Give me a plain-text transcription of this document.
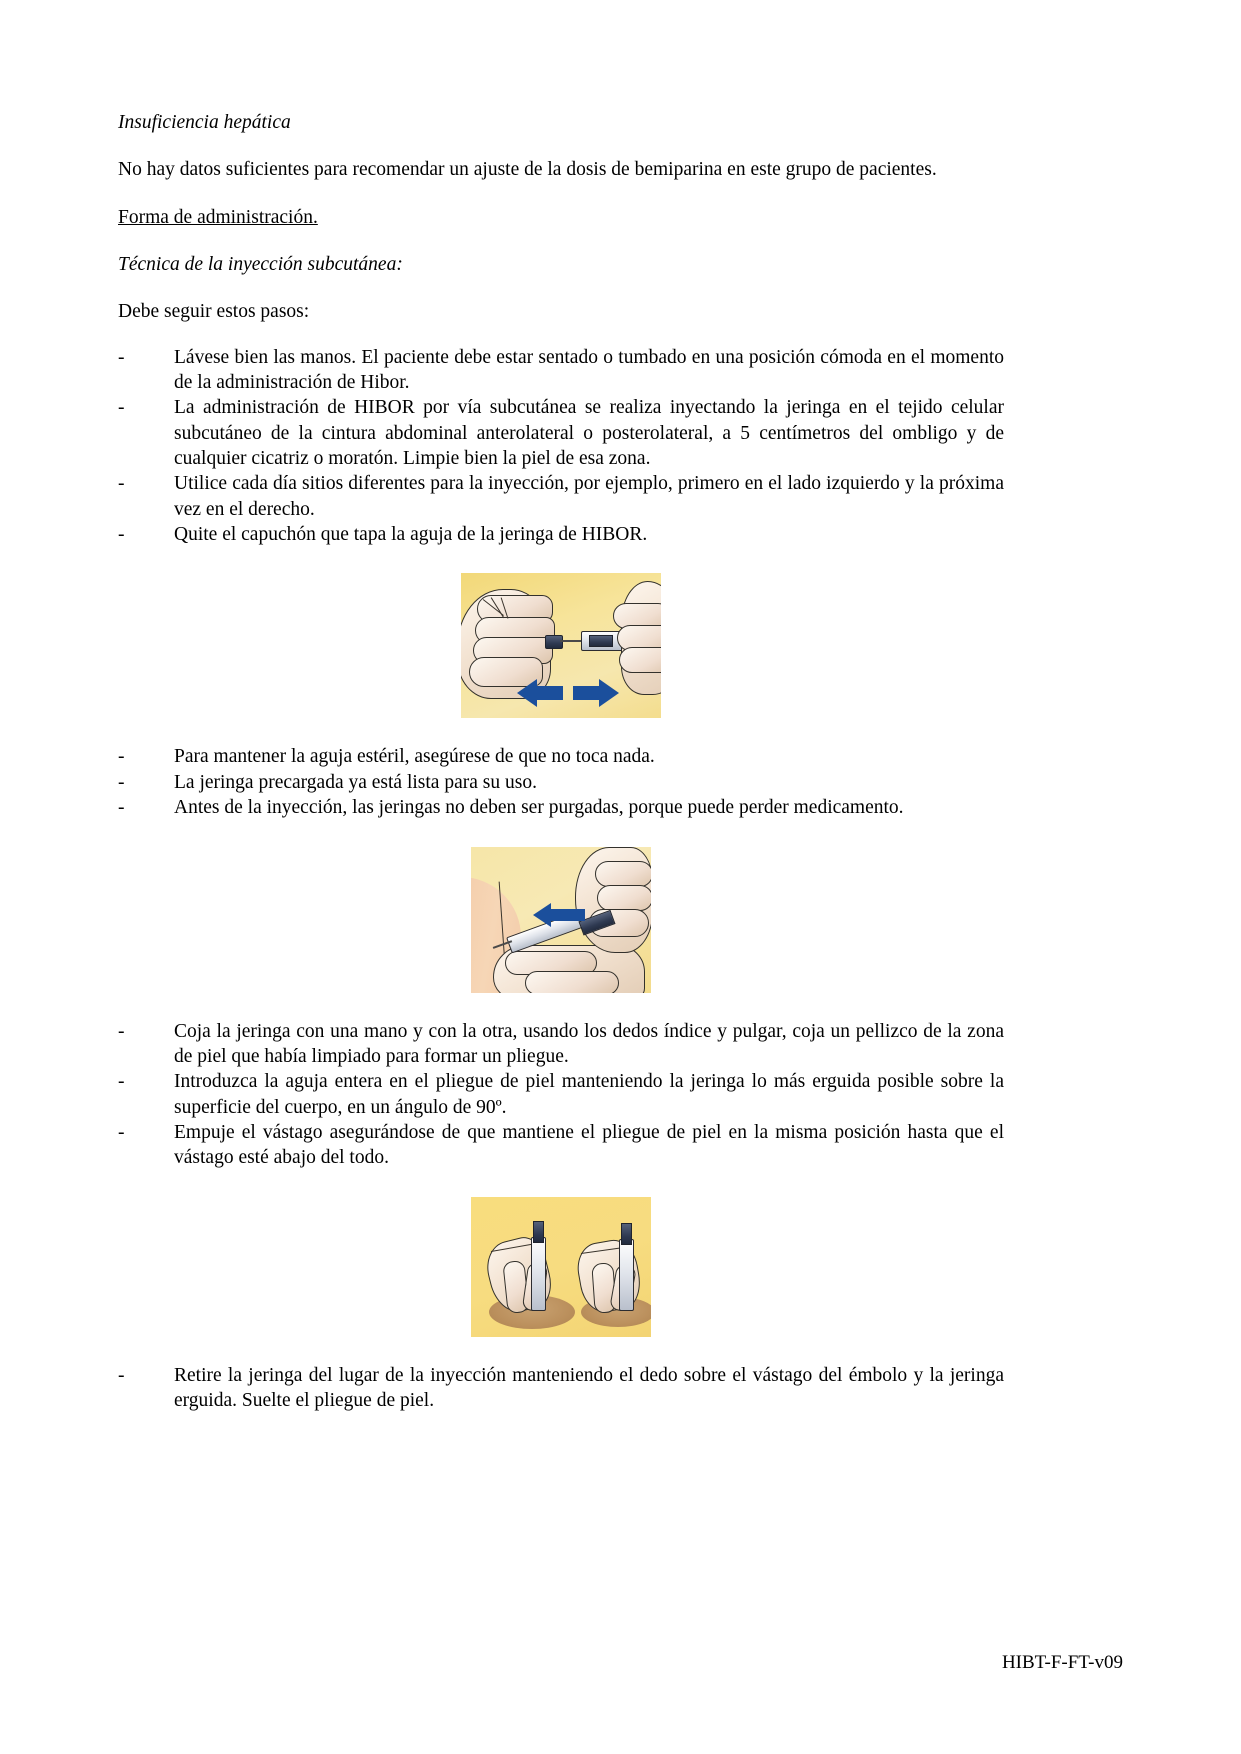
Insuficiencia hepática

No hay datos suficientes para recomendar un ajuste de la dosis de bemiparina en este grupo de pacientes.

Forma de administración.

Técnica de la inyección subcutánea:

Debe seguir estos pasos:

-	Lávese bien las manos. El paciente debe estar sentado o tumbado en una posición cómoda en el momento de la administración de Hibor.
-	La administración de HIBOR por vía subcutánea se realiza inyectando la jeringa en el tejido celular subcutáneo de la cintura abdominal anterolateral o posterolateral, a 5 centímetros del ombligo y de cualquier cicatriz o moratón. Limpie bien la piel de esa zona.
-	Utilice cada día sitios diferentes para la inyección, por ejemplo, primero en el lado izquierdo y la próxima vez en el derecho.
-	Quite el capuchón que tapa la aguja de la jeringa de HIBOR.
-	Para mantener la aguja estéril, asegúrese de que no toca nada.
-	La jeringa precargada ya está lista para su uso.
-	Antes de la inyección, las jeringas no deben ser purgadas, porque puede perder medicamento.
-	Coja la jeringa con una mano y con la otra, usando los dedos índice y pulgar, coja un pellizco de la zona de piel que había limpiado para formar un pliegue.
-	Introduzca la aguja entera en el pliegue de piel manteniendo la jeringa lo más erguida posible sobre la superficie del cuerpo, en un ángulo de 90º.
-	Empuje el vástago asegurándose de que mantiene el pliegue de piel en la misma posición hasta que el vástago esté abajo del todo.
-	Retire la jeringa del lugar de la inyección manteniendo el dedo sobre el vástago del émbolo y la jeringa erguida. Suelte el pliegue de piel.
HIBT-F-FT-v09
